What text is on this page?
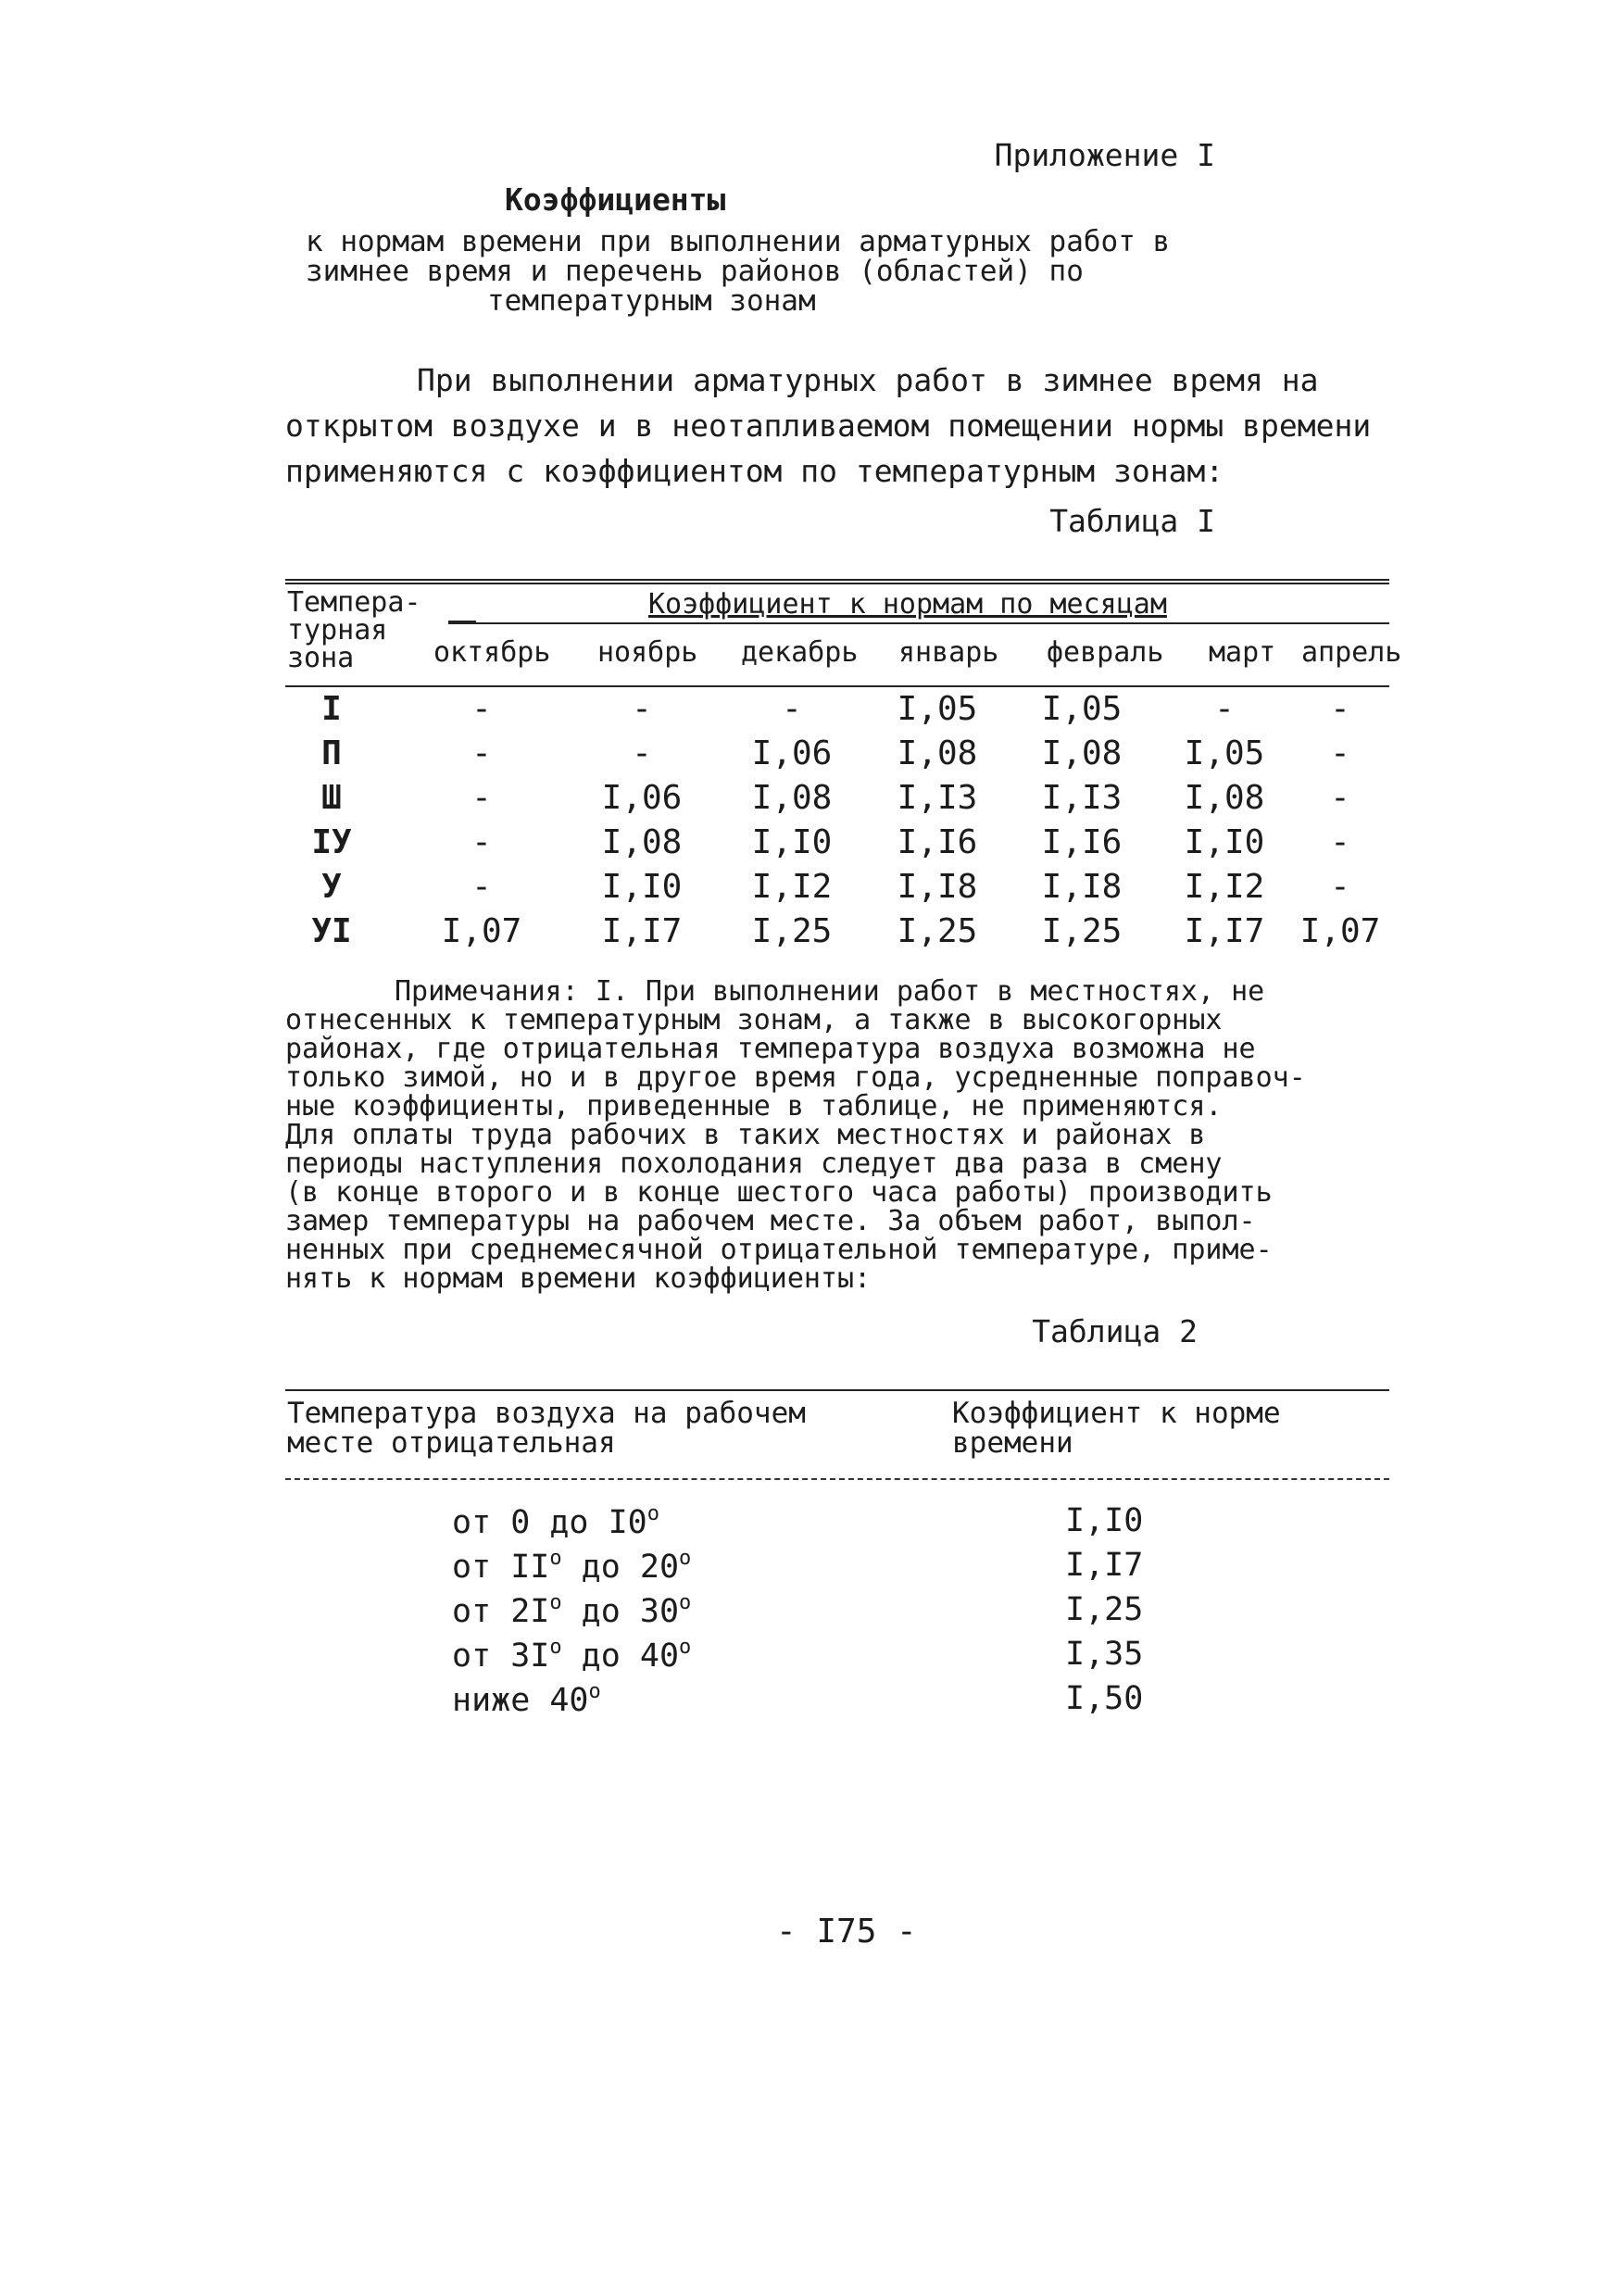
Приложение I
Коэффициенты
к нормам времени при выполнении арматурных работ в
зимнее время и перечень районов (областей) по
температурным зонам

При выполнении арматурных работ в зимнее время на

открытом воздухе и в неотапливаемом помещении нормы времени

применяются с коэффициентом по температурным зонам:

Таблица I
Темпера-
турная
зона
Коэффициент к нормам по месяцам
октябрь ноябрь декабрь январь февраль март апрель
I	-	-	-	I,05	I,05	-	-
П	-	-	I,06	I,08	I,08	I,05	-
Ш	-	I,06	I,08	I,I3	I,I3	I,08	-
IУ	-	I,08	I,I0	I,I6	I,I6	I,I0	-
У	-	I,I0	I,I2	I,I8	I,I8	I,I2	-
УI	I,07	I,I7	I,25	I,25	I,25	I,I7	I,07

Примечания: I. При выполнении работ в местностях, не

отнесенных к температурным зонам, а также в высокогорных

районах, где отрицательная температура воздуха возможна не

только зимой, но и в другое время года, усредненные поправоч-

ные коэффициенты, приведенные в таблице, не применяются.

Для оплаты труда рабочих в таких местностях и районах в

периоды наступления похолодания следует два раза в смену

(в конце второго и в конце шестого часа работы) производить

замер температуры на рабочем месте. За объем работ, выпол-

ненных при среднемесячной отрицательной температуре, приме-

нять к нормам времени коэффициенты:

Таблица 2
Температура воздуха на рабочем
месте отрицательная
Коэффициент к норме
времени
от 0 до $I0^о$	I,I0
от $II^о$ до $20^о$	I,I7
от $2I^о$ до $30^о$	I,25
от $3I^о$ до $40^о$	I,35
ниже $40^о$	I,50
- I75 -
